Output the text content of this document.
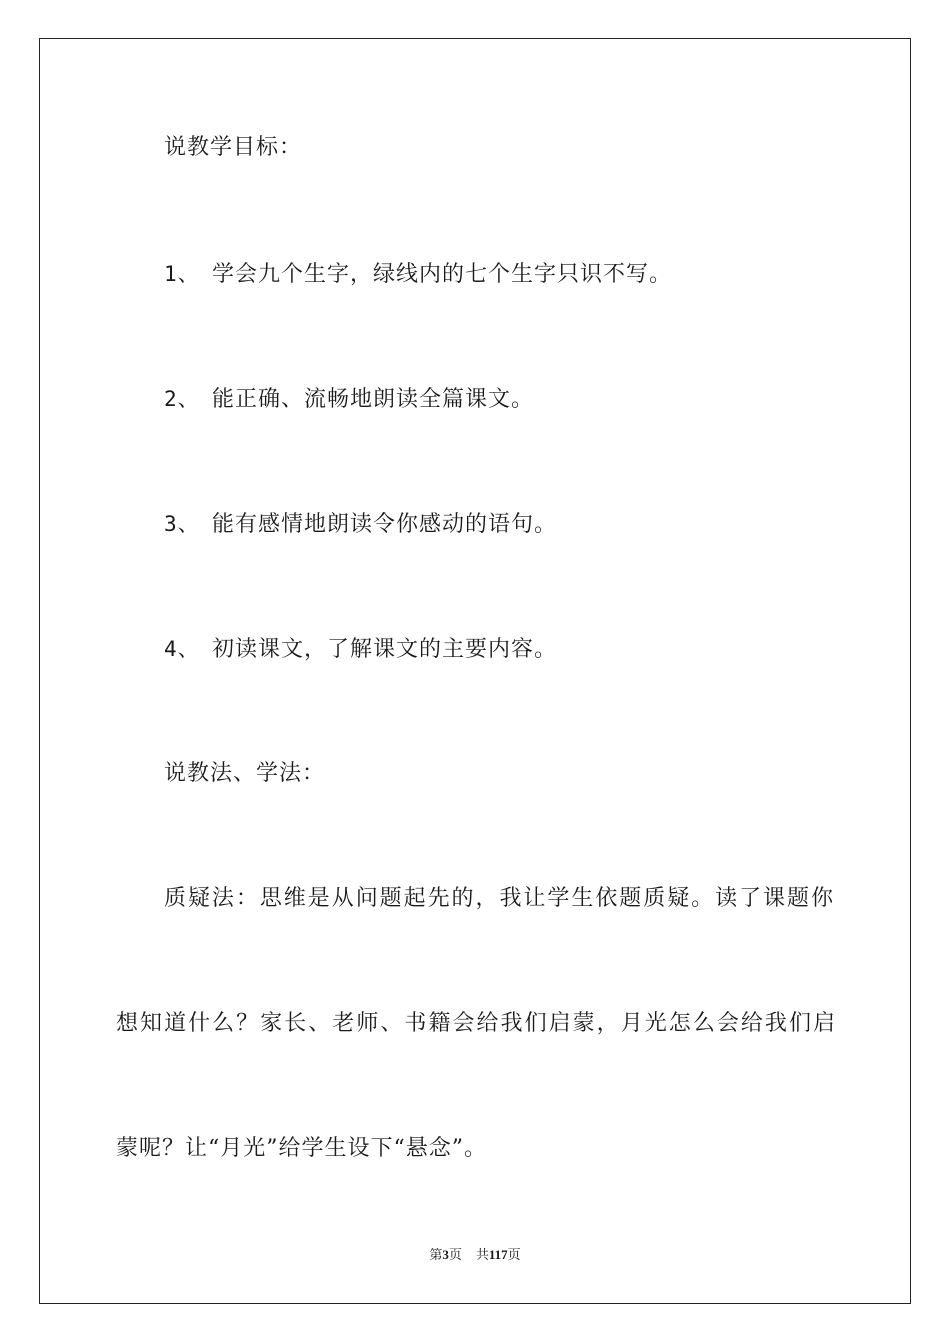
说教学目标：
1、 学会九个生字，绿线内的七个生字只识不写。
2、 能正确、流畅地朗读全篇课文。
3、 能有感情地朗读令你感动的语句。
4、 初读课文，了解课文的主要内容。
说教法、学法：
质疑法：思维是从问题起先的，我让学生依题质疑。读了课题你
想知道什么？家长、老师、书籍会给我们启蒙，月光怎么会给我们启
蒙呢？让“月光”给学生设下“悬念”。
第3页 共117页
